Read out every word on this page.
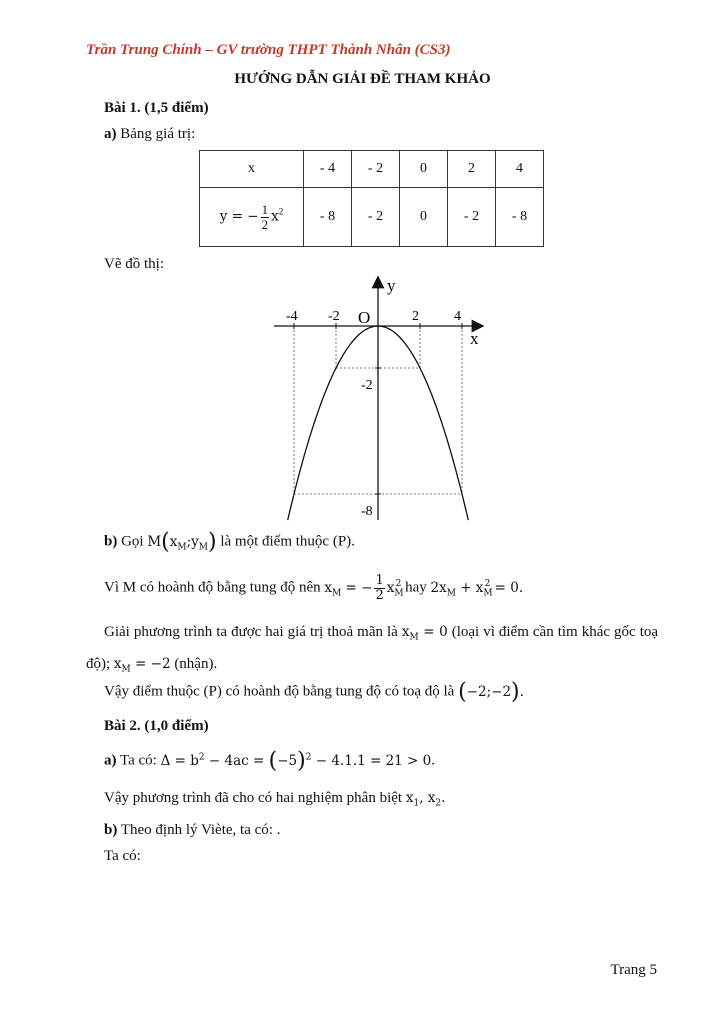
Trần Trung Chính – GV trường THPT Thành Nhân (CS3)
HƯỚNG DẪN GIẢI ĐỀ THAM KHẢO
Bài 1. (1,5 điểm)
a) Bảng giá trị:
x	- 4	- 2	0	2	4
y = − $\frac{1}{2} x^2$	- 8	- 2	0	- 2	- 8
Vẽ đồ thị:
y
x
O
-4 -2	2	4
-2
-8
b) Gọi $M(x_M;y_M)$ là một điểm thuộc (P).
Vì M có hoành độ bằng tung độ nên $x_M$ = − $\frac{1}{2} x_M^2$ hay $2x_M + x_M^2 = 0$.
Giải phương trình ta được hai giá trị thoả mãn là $x_M = 0$ (loại vì điểm cần tìm khác gốc toạ độ); $x_M = -2$ (nhận).
Vậy điểm thuộc (P) có hoành độ bằng tung độ có toạ độ là (−2;−2).
Bài 2. (1,0 điểm)
a) Ta có: $\Delta = b^2 - 4ac = (-5)^2 - 4.1.1 = 21 > 0$.
Vậy phương trình đã cho có hai nghiệm phân biệt $x_1$, $x_2$.
b) Theo định lý Viète, ta có: .
Ta có:
Trang 5
